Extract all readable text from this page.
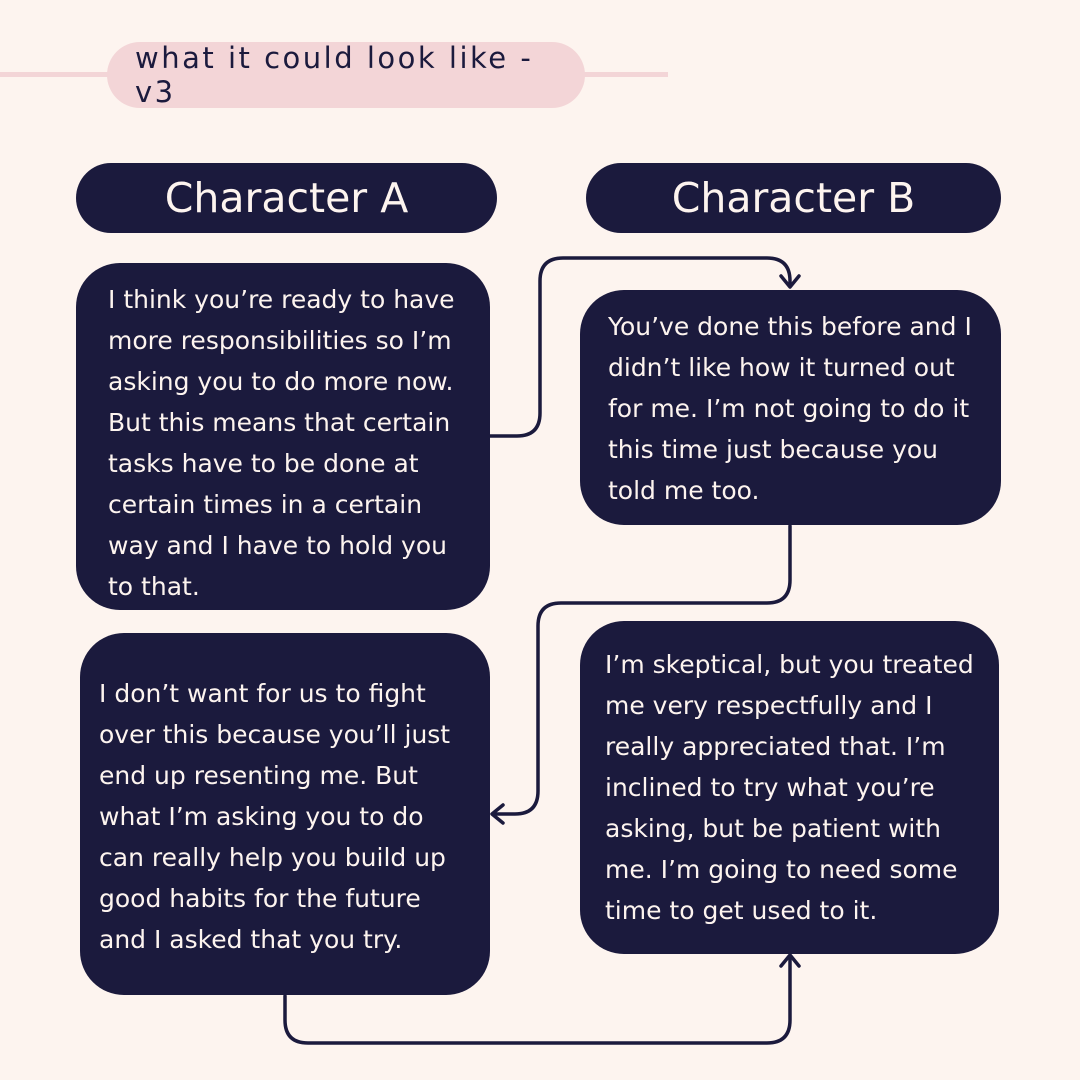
what it could look like - v3
Character A	Character B

I think you’re ready to have more responsibilities so I’m asking you to do more now. But this means that certain tasks have to be done at certain times in a certain way and I have to hold you to that.

You’ve done this before and I didn’t like how it turned out for me. I’m not going to do it this time just because you told me too.

I don’t want for us to fight over this because you’ll just end up resenting me. But what I’m asking you to do can really help you build up good habits for the future and I asked that you try.

I’m skeptical, but you treated me very respectfully and I really appreciated that. I’m inclined to try what you’re asking, but be patient with me. I’m going to need some time to get used to it.
